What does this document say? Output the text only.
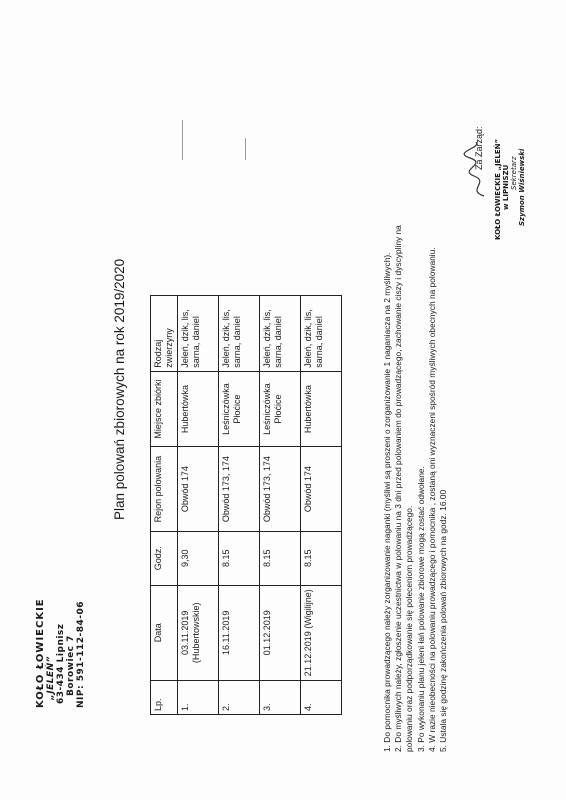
KOŁO ŁOWIECKIE „JELEŃ” 63-434 Lipnisz Borowiec 7 NIP: 591-112-84-06
Plan polowań zbiorowych na rok 2019/2020
Lp.	Data	Godz.	Rejon polowania	Miejsce zbiórki	Rodzaj zwierzyny
1.	03.11.2019 (Hubertowskie)	9,30	Obwód 174	Hubertówka	Jeleń, dzik, lis, sarna, daniel
2.	16.11.2019	8.15	Obwód 173, 174	Leśniczówka Płoćice	Jeleń, dzik, lis, sarna, daniel
3.	01.12.2019	8.15	Obwód 173, 174	Leśniczówka Płoćice	Jeleń, dzik, lis, sarna, daniel
4.	21.12.2019 (Wigilijne)	8.15	Obwód 174	Hubertówka	Jeleń, dzik, lis, sarna, daniel	1. Do pomocnika prowadzącego należy zorganizowanie naganki (myśliwi są proszeni o zorganizowanie 1 naganiacza na 2 myśliwych). 2. Do myśliwych należy, zgłoszenie uczestnictwa w polowaniu na 3 dni przed polowaniem do prowadzącego, zachowanie ciszy i dyscypliny na polowaniu oraz podporządkowanie się poleceniom prowadzącego. 3. Po wykonaniu planu jeleni łań polowanie zbiorowe mogą zostać odwołane. 4. W razie nieobecności na polowaniu prowadzącego i pomocnika , zostaną oni wyznaczeni spośród myśliwych obecnych na polowaniu. 5. Ustala się godzinę zakończenia polowań zbiorowych na godz. 16.00
Za Zarząd: KOŁO ŁOWIECKIE „JELEŃ” w LIPNISZU Sekretarz Szymon Wiśniewski
